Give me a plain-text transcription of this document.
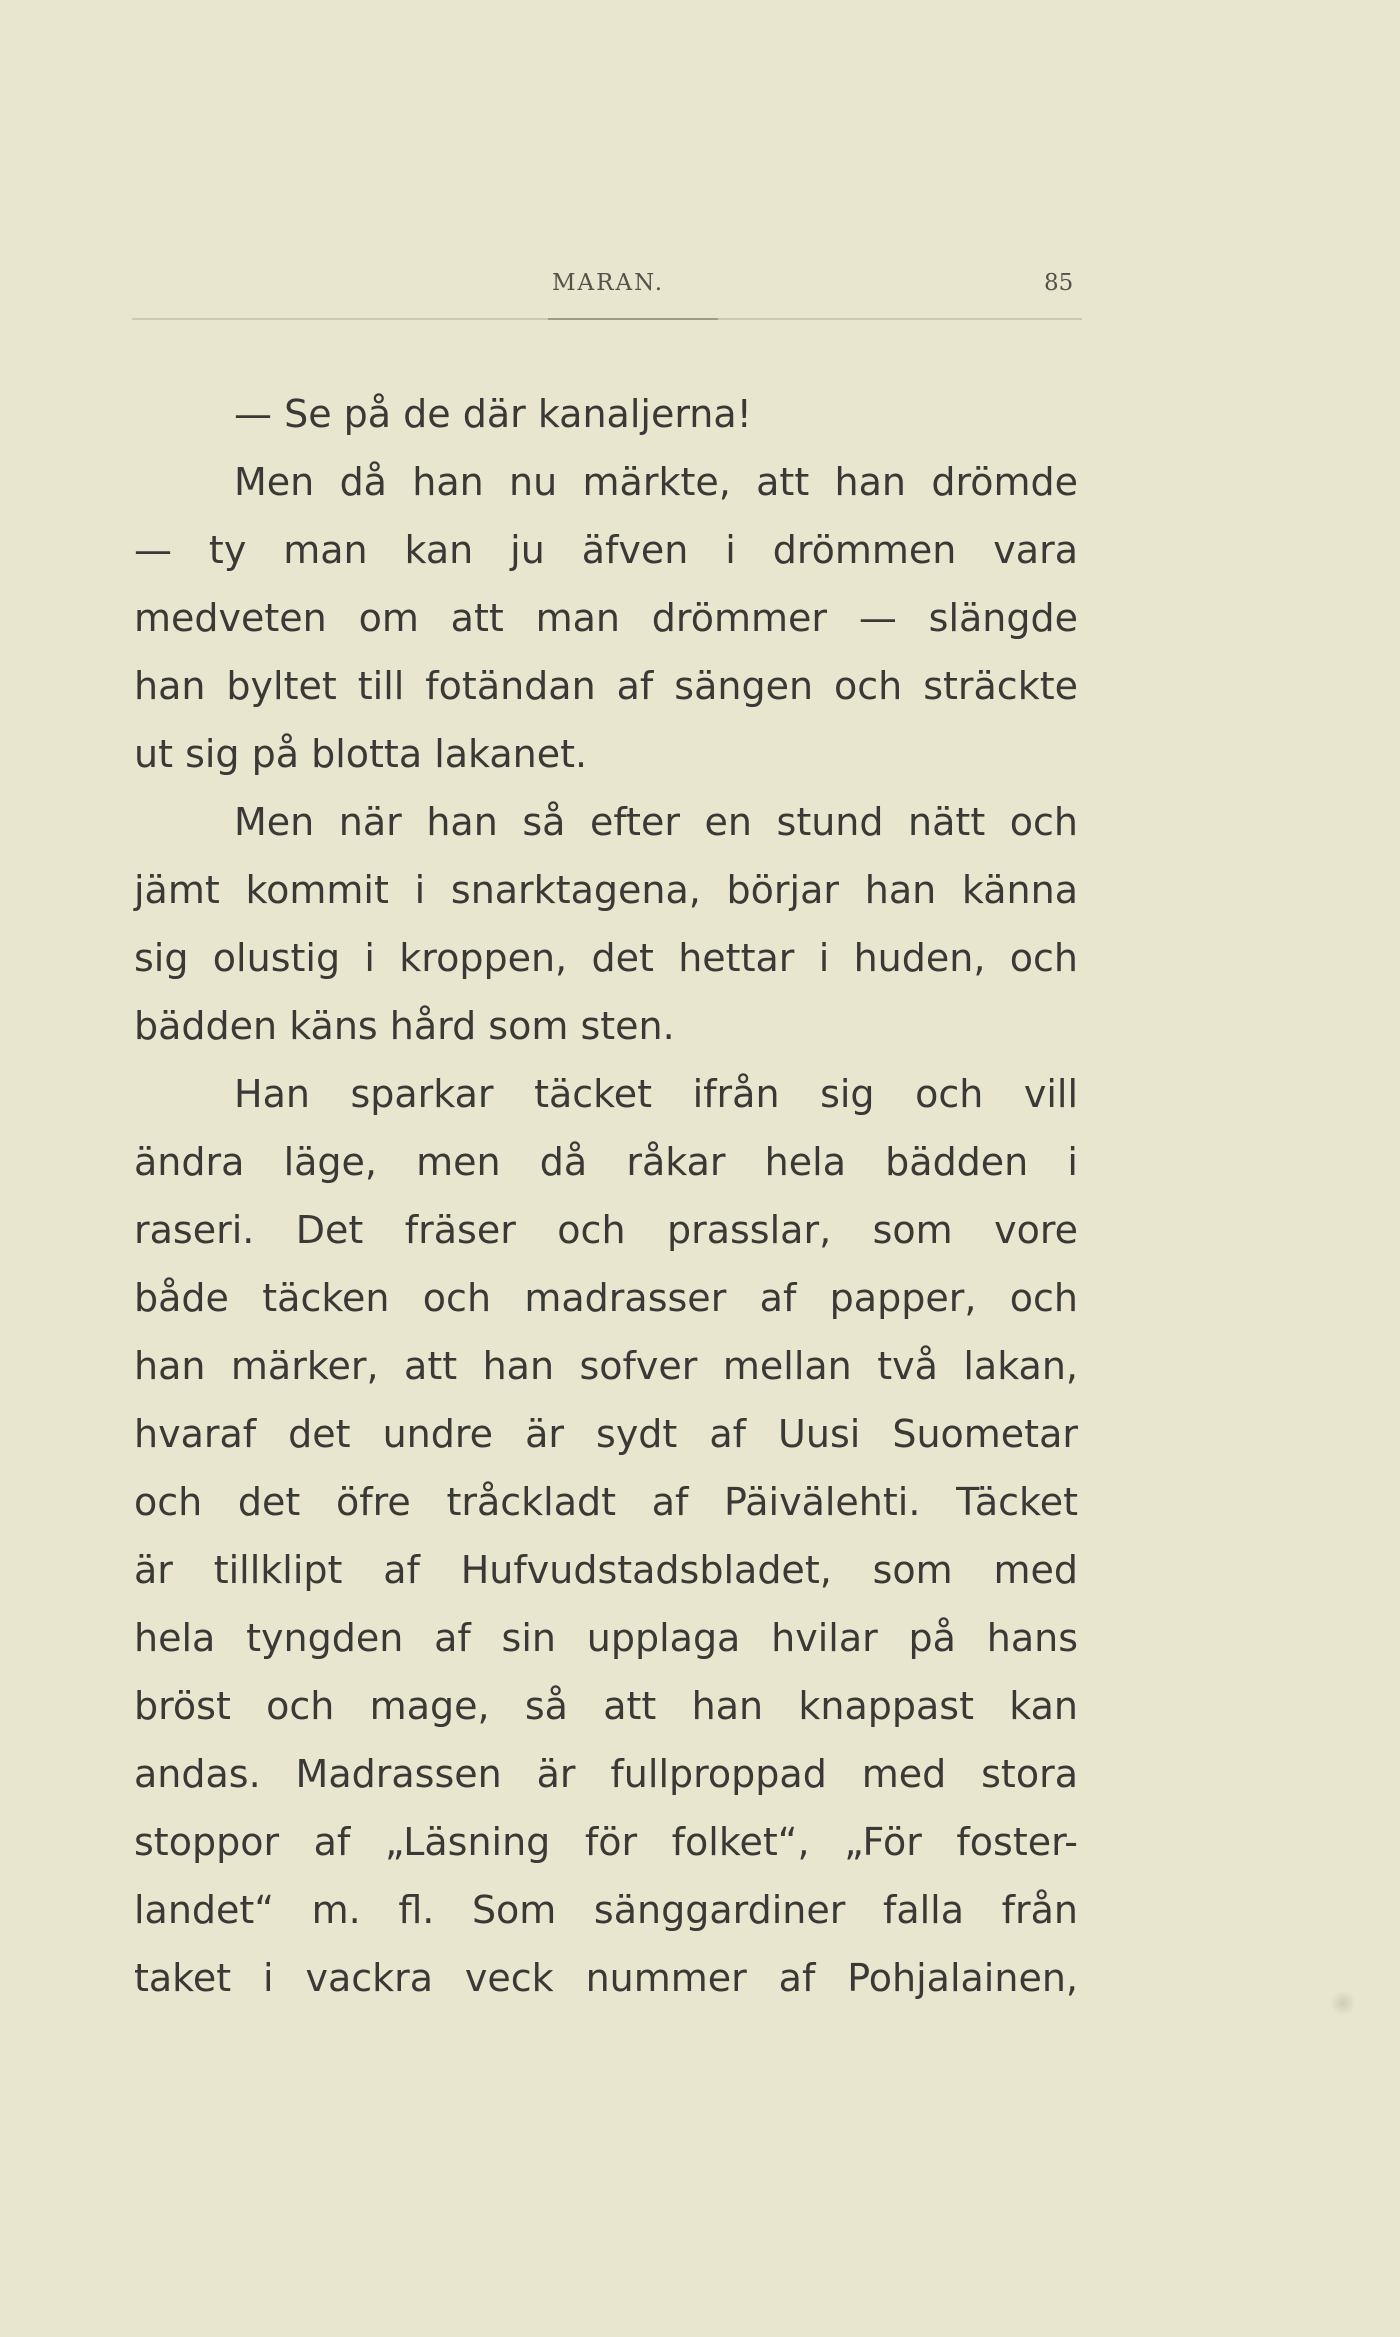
MARAN.	85
— Se på de där kanaljerna!
Men då han nu märkte, att han drömde
— ty man kan ju äfven i drömmen vara
medveten om att man drömmer — slängde
han byltet till fotändan af sängen och sträckte
ut sig på blotta lakanet.
Men när han så efter en stund nätt och
jämt kommit i snarktagena, börjar han känna
sig olustig i kroppen, det hettar i huden, och
bädden käns hård som sten.
Han sparkar täcket ifrån sig och vill
ändra läge, men då råkar hela bädden i
raseri. Det fräser och prasslar, som vore
både täcken och madrasser af papper, och
han märker, att han sofver mellan två lakan,
hvaraf det undre är sydt af Uusi Suometar
och det öfre tråckladt af Päivälehti. Täcket
är tillklipt af Hufvudstadsbladet, som med
hela tyngden af sin upplaga hvilar på hans
bröst och mage, så att han knappast kan
andas. Madrassen är fullproppad med stora
stoppor af „Läsning för folket“, „För foster-
landet“ m. fl. Som sänggardiner falla från
taket i vackra veck nummer af Pohjalainen,
